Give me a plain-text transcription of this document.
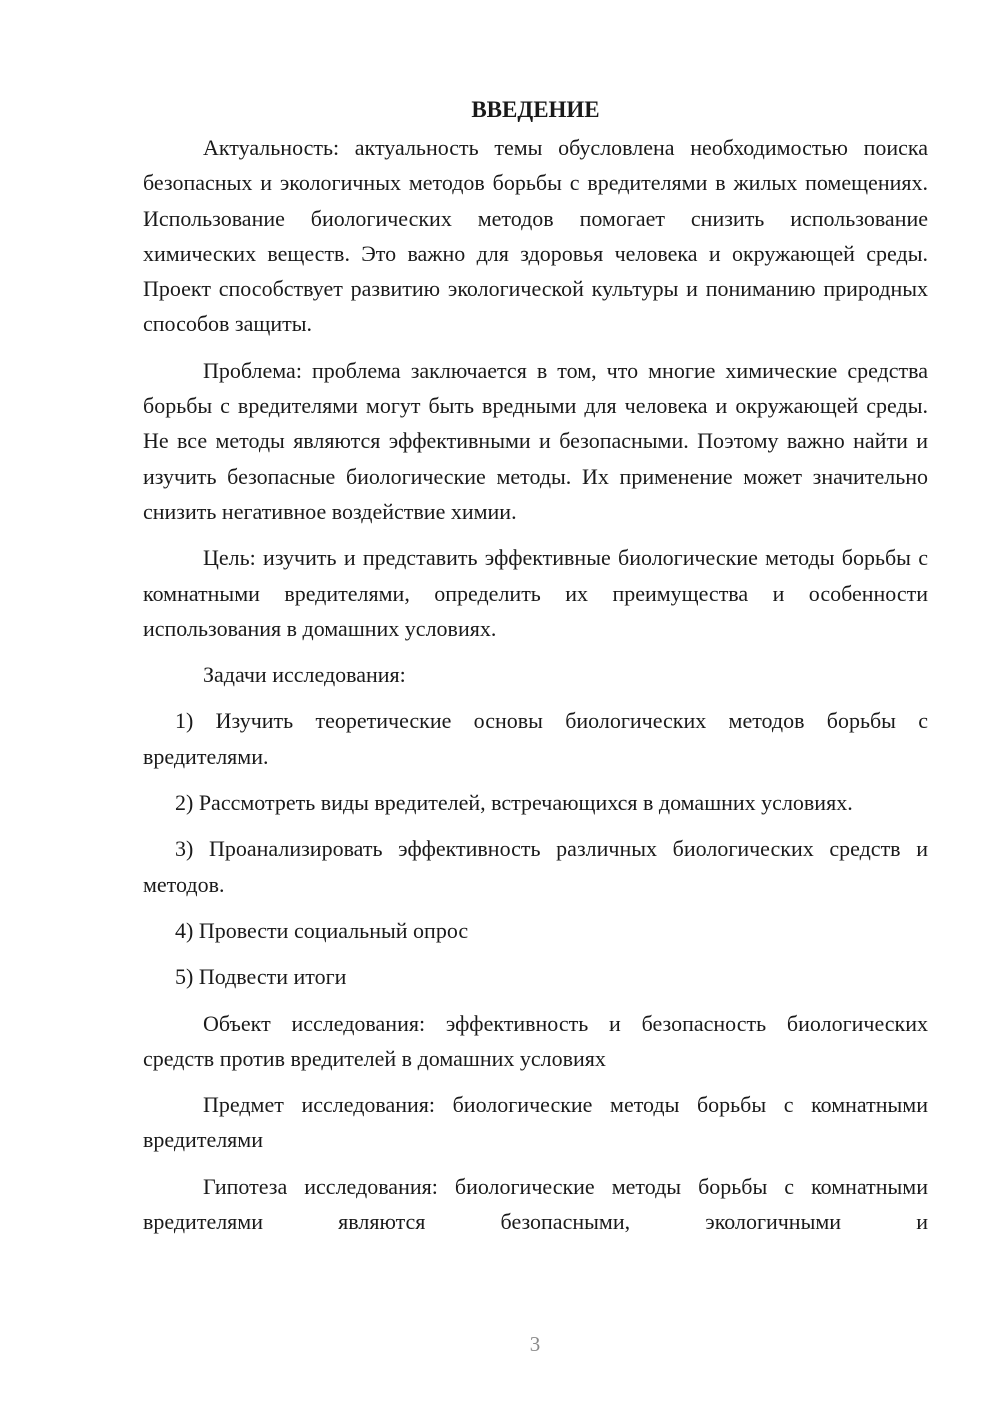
ВВЕДЕНИЕ

Актуальность: актуальность темы обусловлена необходимостью поиска безопасных и экологичных методов борьбы с вредителями в жилых помещениях. Использование биологических методов помогает снизить использование химических веществ. Это важно для здоровья человека и окружающей среды. Проект способствует развитию экологической культуры и пониманию природных способов защиты.

Проблема: проблема заключается в том, что многие химические средства борьбы с вредителями могут быть вредными для человека и окружающей среды. Не все методы являются эффективными и безопасными. Поэтому важно найти и изучить безопасные биологические методы. Их применение может значительно снизить негативное воздействие химии.

Цель: изучить и представить эффективные биологические методы борьбы с комнатными вредителями, определить их преимущества и особенности использования в домашних условиях.

Задачи исследования:

1) Изучить теоретические основы биологических методов борьбы с вредителями.

2) Рассмотреть виды вредителей, встречающихся в домашних условиях.

3) Проанализировать эффективность различных биологических средств и методов.

4) Провести социальный опрос

5) Подвести итоги

Объект исследования: эффективность и безопасность биологических средств против вредителей в домашних условиях

Предмет исследования: биологические методы борьбы с комнатными вредителями

Гипотеза исследования: биологические методы борьбы с комнатными вредителями являются безопасными, экологичными и

3
